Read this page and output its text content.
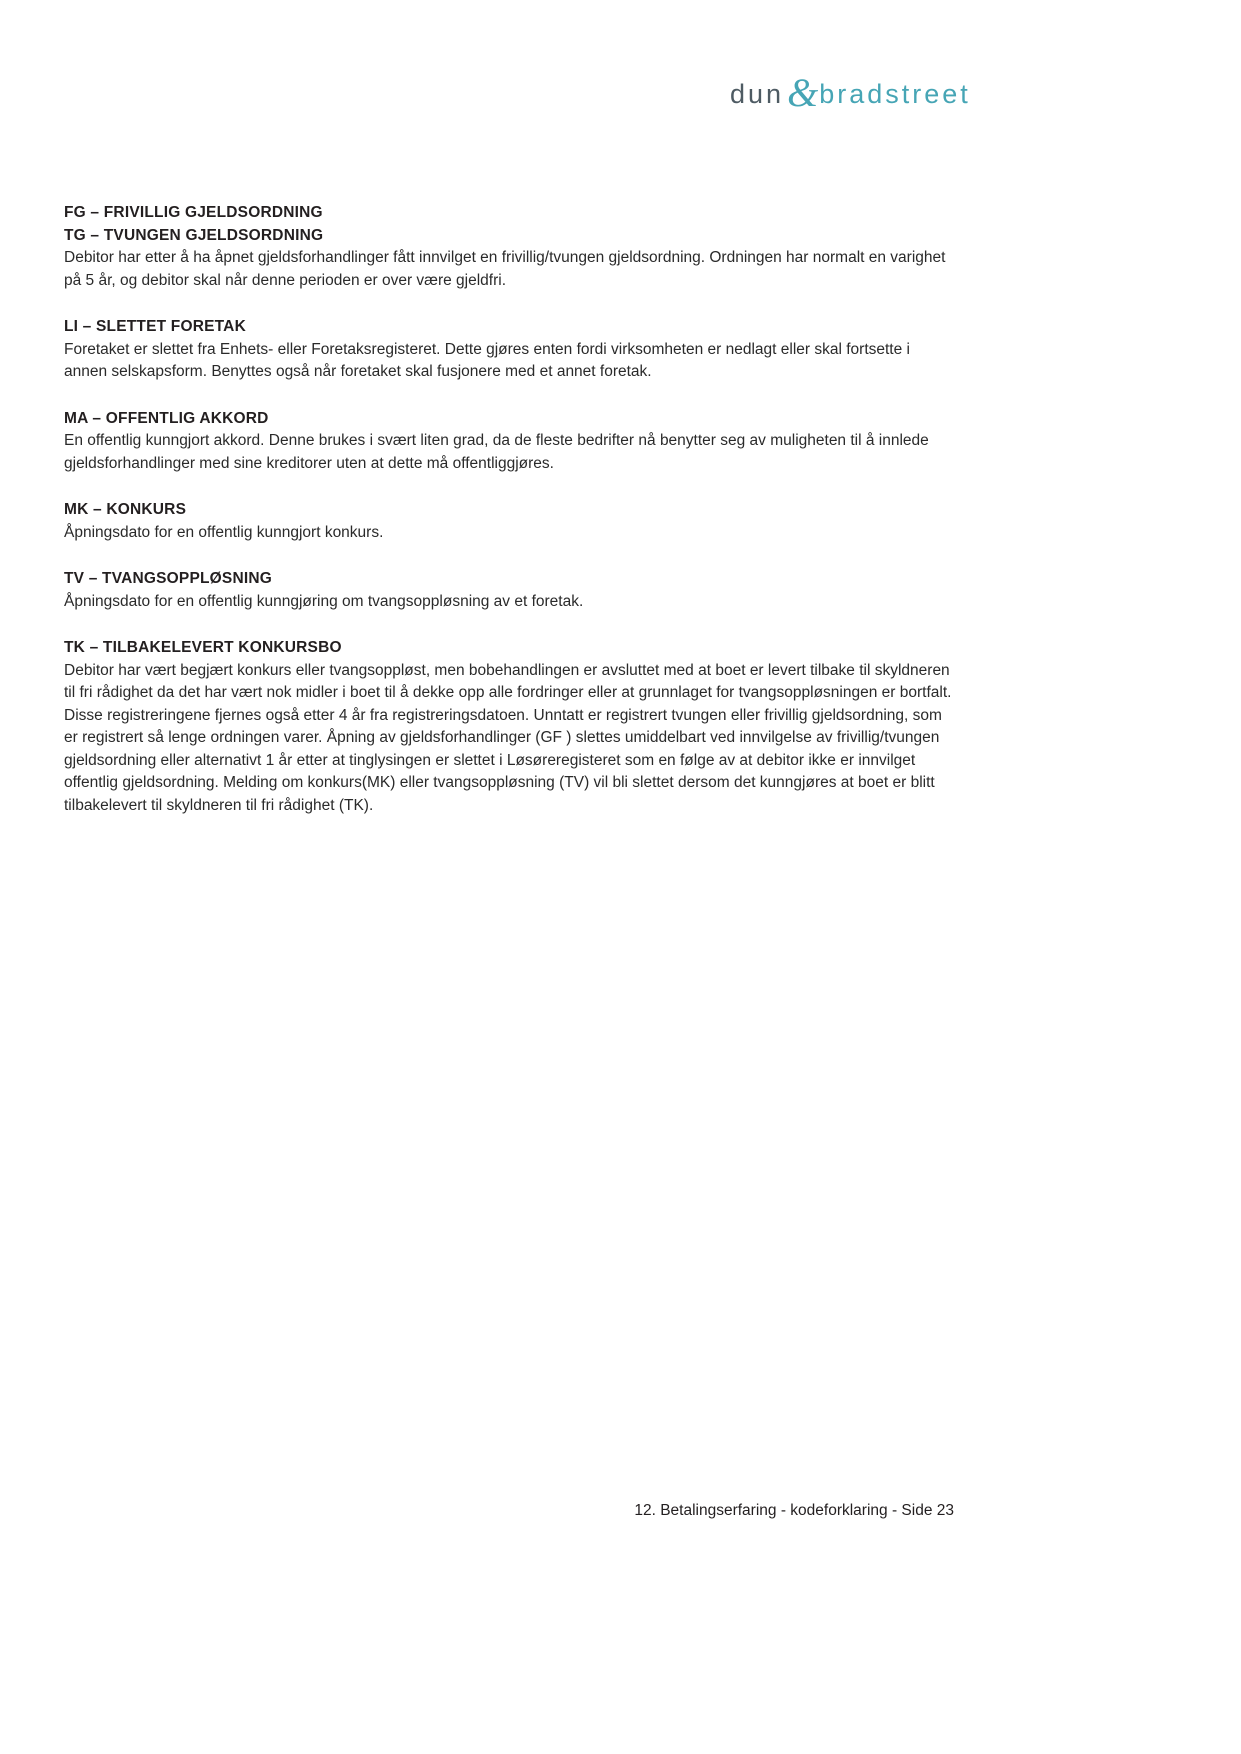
dun & bradstreet
FG – FRIVILLIG GJELDSORDNING
TG – TVUNGEN GJELDSORDNING

Debitor har etter å ha åpnet gjeldsforhandlinger fått innvilget en frivillig/tvungen gjeldsordning. Ordningen har normalt en varighet på 5 år, og debitor skal når denne perioden er over være gjeldfri.

LI – SLETTET FORETAK

Foretaket er slettet fra Enhets- eller Foretaksregisteret. Dette gjøres enten fordi virksomheten er nedlagt eller skal fortsette i annen selskapsform. Benyttes også når foretaket skal fusjonere med et annet foretak.

MA – OFFENTLIG AKKORD

En offentlig kunngjort akkord. Denne brukes i svært liten grad, da de fleste bedrifter nå benytter seg av muligheten til å innlede gjeldsforhandlinger med sine kreditorer uten at dette må offentliggjøres.

MK – KONKURS

Åpningsdato for en offentlig kunngjort konkurs.

TV – TVANGSOPPLØSNING

Åpningsdato for en offentlig kunngjøring om tvangsoppløsning av et foretak.

TK – TILBAKELEVERT KONKURSBO

Debitor har vært begjært konkurs eller tvangsoppløst, men bobehandlingen er avsluttet med at boet er levert tilbake til skyldneren til fri rådighet da det har vært nok midler i boet til å dekke opp alle fordringer eller at grunnlaget for tvangsoppløsningen er bortfalt. Disse registreringene fjernes også etter 4 år fra registreringsdatoen. Unntatt er registrert tvungen eller frivillig gjeldsordning, som er registrert så lenge ordningen varer. Åpning av gjeldsforhandlinger (GF ) slettes umiddelbart ved innvilgelse av frivillig/tvungen gjeldsordning eller alternativt 1 år etter at tinglysingen er slettet i Løsøreregisteret som en følge av at debitor ikke er innvilget offentlig gjeldsordning. Melding om konkurs(MK) eller tvangsoppløsning (TV) vil bli slettet dersom det kunngjøres at boet er blitt tilbakelevert til skyldneren til fri rådighet (TK).

12. Betalingserfaring - kodeforklaring - Side 23
